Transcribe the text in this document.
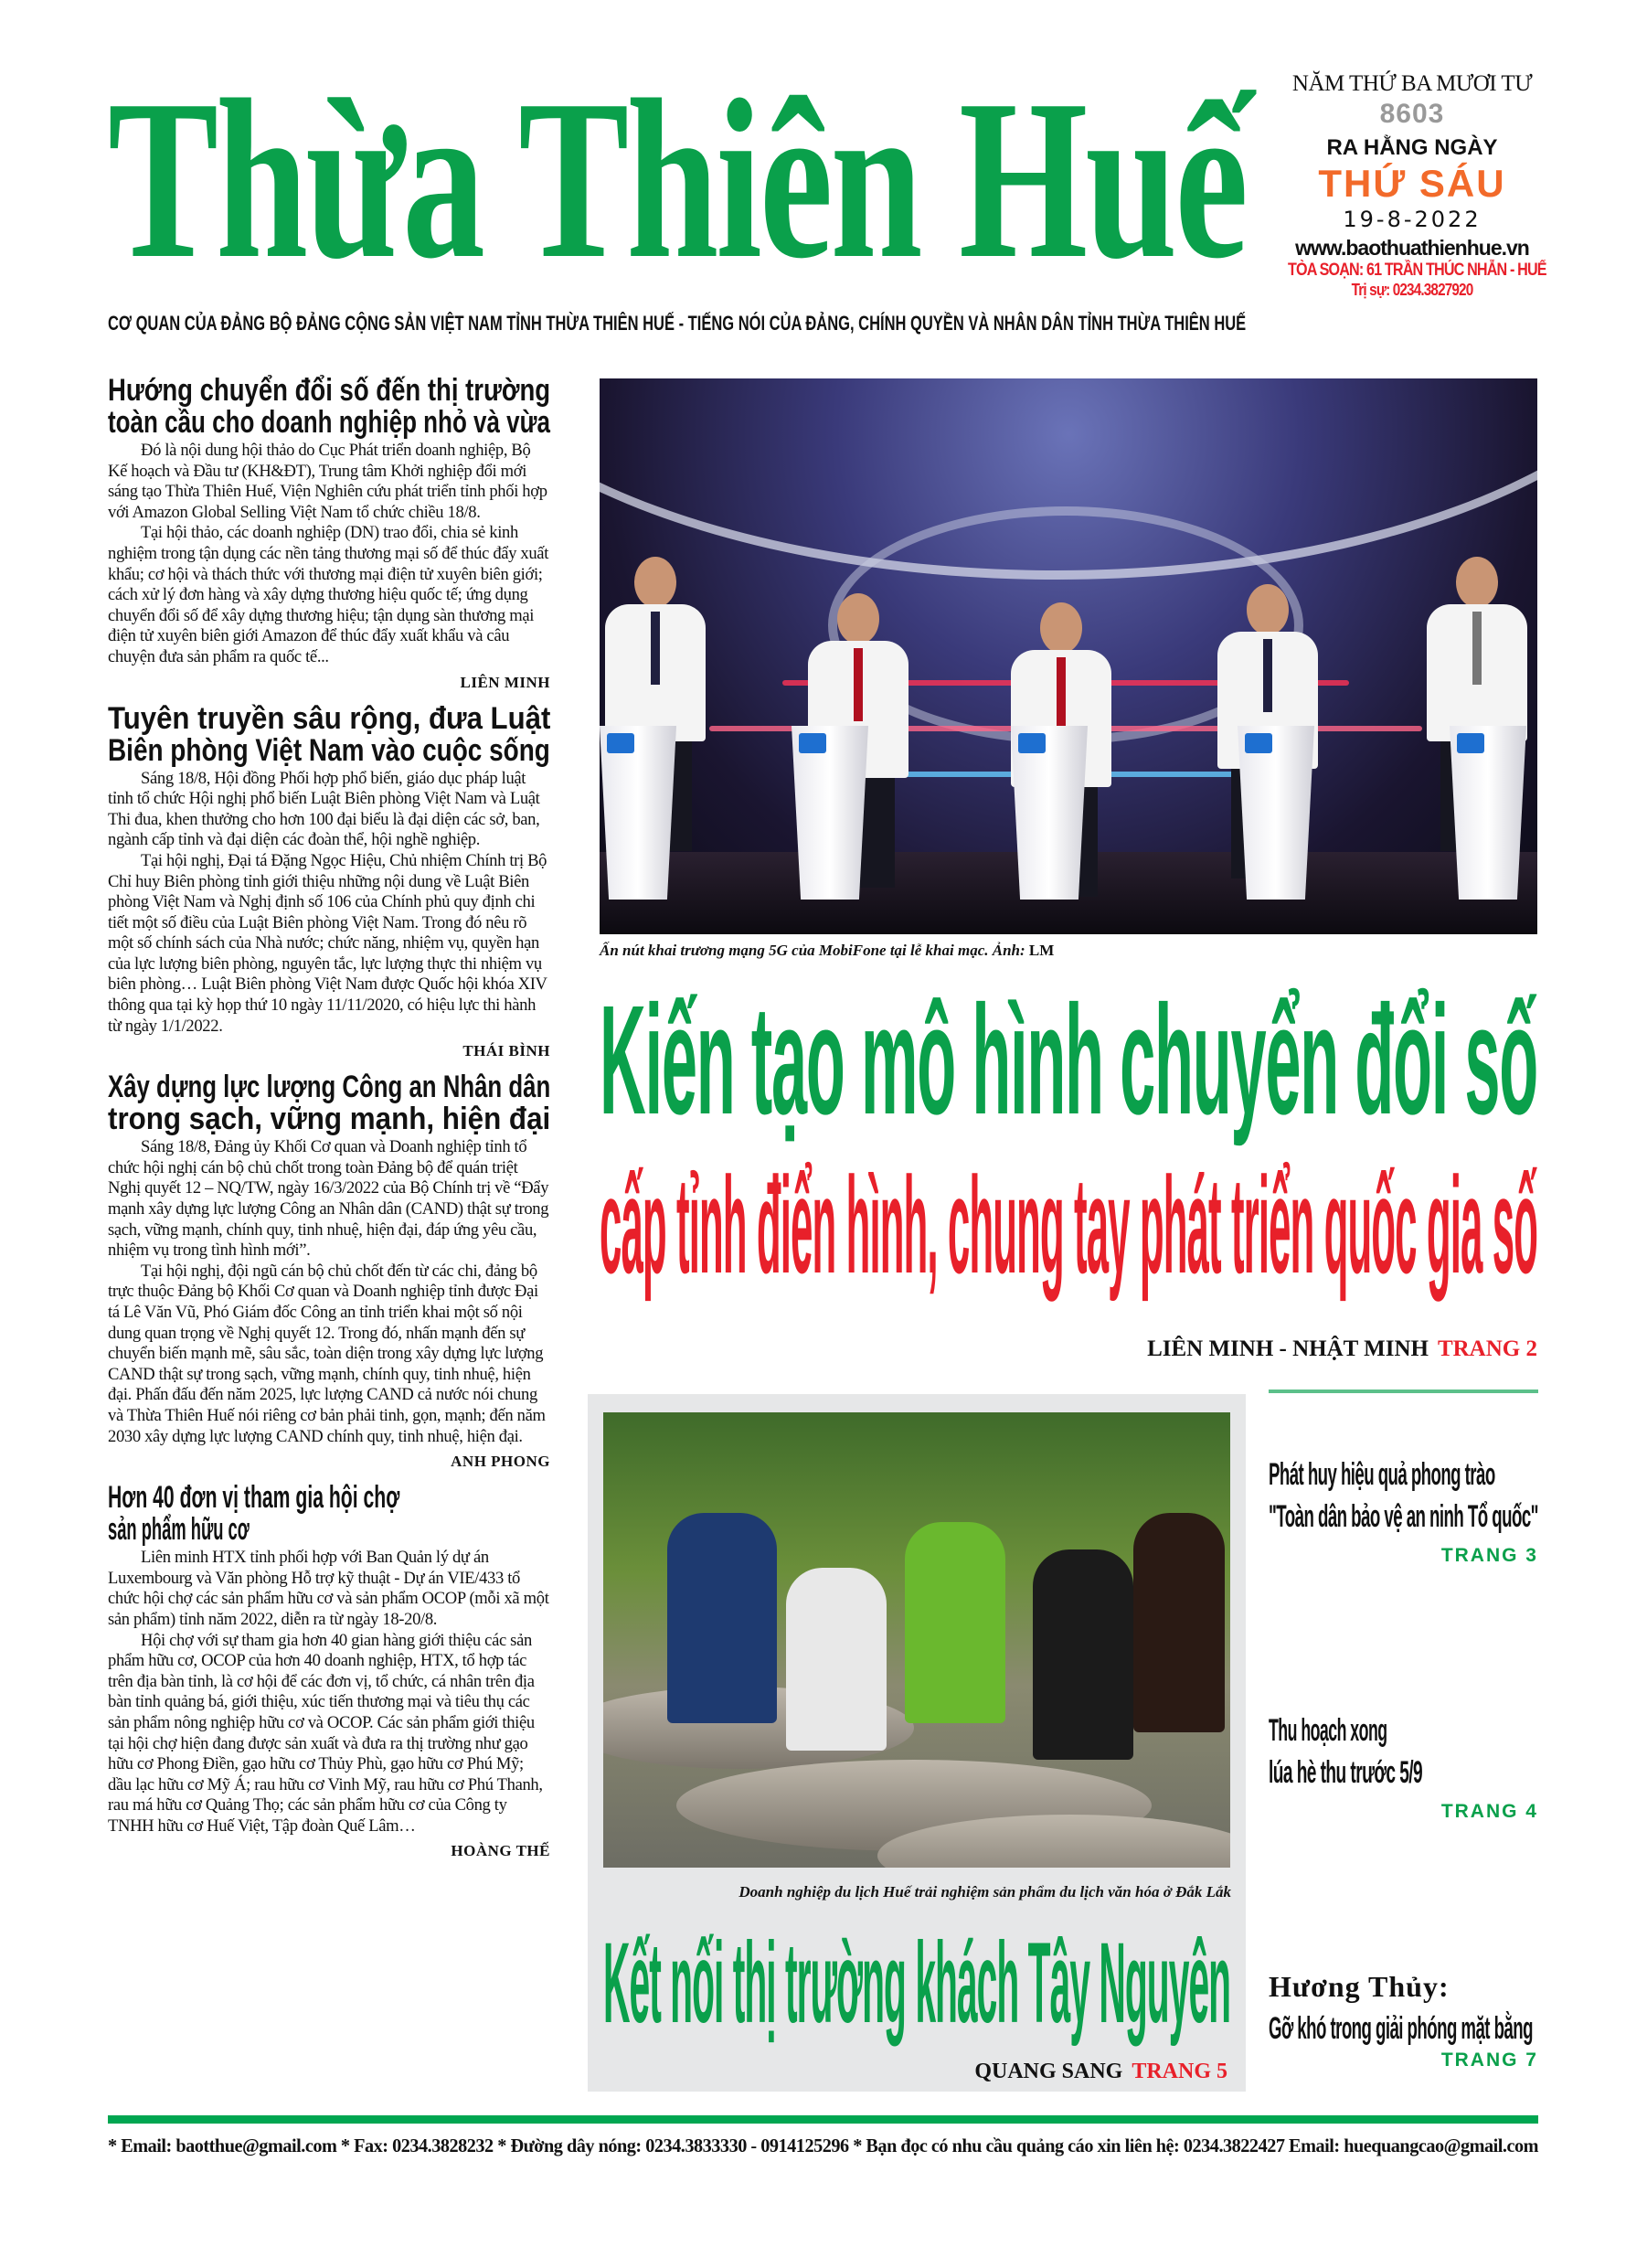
Thừa Thiên Huế
CƠ QUAN CỦA ĐẢNG BỘ ĐẢNG CỘNG SẢN VIỆT NAM TỈNH THỪA THIÊN HUẾ - TIẾNG NÓI CỦA ĐẢNG, CHÍNH QUYỀN VÀ NHÂN DÂN TỈNH THỪA THIÊN HUẾ
NĂM THỨ BA MƯƠI TƯ
8603
RA HẰNG NGÀY
THỨ SÁU
19-8-2022
www.baothuathienhue.vn
TÒA SOẠN: 61 TRẦN THÚC NHẪN - HUẾ
Trị sự: 0234.3827920
Hướng chuyển đổi số đến thị trường
toàn cầu cho doanh nghiệp nhỏ và vừa

Đó là nội dung hội thảo do Cục Phát triển doanh nghiệp, Bộ Kế hoạch và Đầu tư (KH&ĐT), Trung tâm Khởi nghiệp đổi mới sáng tạo Thừa Thiên Huế, Viện Nghiên cứu phát triển tỉnh phối hợp với Amazon Global Selling Việt Nam tổ chức chiều 18/8.

Tại hội thảo, các doanh nghiệp (DN) trao đổi, chia sẻ kinh nghiệm trong tận dụng các nền tảng thương mại số để thúc đẩy xuất khẩu; cơ hội và thách thức với thương mại điện tử xuyên biên giới; cách xử lý đơn hàng và xây dựng thương hiệu quốc tế; ứng dụng chuyển đổi số để xây dựng thương hiệu; tận dụng sàn thương mại điện tử xuyên biên giới Amazon để thúc đẩy xuất khẩu và câu chuyện đưa sản phẩm ra quốc tế...

LIÊN MINH
Tuyên truyền sâu rộng, đưa Luật
Biên phòng Việt Nam vào cuộc sống

Sáng 18/8, Hội đồng Phối hợp phổ biến, giáo dục pháp luật tỉnh tổ chức Hội nghị phổ biến Luật Biên phòng Việt Nam và Luật Thi đua, khen thưởng cho hơn 100 đại biểu là đại diện các sở, ban, ngành cấp tỉnh và đại diện các đoàn thể, hội nghề nghiệp.

Tại hội nghị, Đại tá Đặng Ngọc Hiệu, Chủ nhiệm Chính trị Bộ Chỉ huy Biên phòng tỉnh giới thiệu những nội dung về Luật Biên phòng Việt Nam và Nghị định số 106 của Chính phủ quy định chi tiết một số điều của Luật Biên phòng Việt Nam. Trong đó nêu rõ một số chính sách của Nhà nước; chức năng, nhiệm vụ, quyền hạn của lực lượng biên phòng, nguyên tắc, lực lượng thực thi nhiệm vụ biên phòng… Luật Biên phòng Việt Nam được Quốc hội khóa XIV thông qua tại kỳ họp thứ 10 ngày 11/11/2020, có hiệu lực thi hành từ ngày 1/1/2022.

THÁI BÌNH
Xây dựng lực lượng Công an Nhân dân
trong sạch, vững mạnh, hiện đại

Sáng 18/8, Đảng ủy Khối Cơ quan và Doanh nghiệp tỉnh tổ chức hội nghị cán bộ chủ chốt trong toàn Đảng bộ để quán triệt Nghị quyết 12 – NQ/TW, ngày 16/3/2022 của Bộ Chính trị về “Đẩy mạnh xây dựng lực lượng Công an Nhân dân (CAND) thật sự trong sạch, vững mạnh, chính quy, tinh nhuệ, hiện đại, đáp ứng yêu cầu, nhiệm vụ trong tình hình mới”.

Tại hội nghị, đội ngũ cán bộ chủ chốt đến từ các chi, đảng bộ trực thuộc Đảng bộ Khối Cơ quan và Doanh nghiệp tỉnh được Đại tá Lê Văn Vũ, Phó Giám đốc Công an tỉnh triển khai một số nội dung quan trọng về Nghị quyết 12. Trong đó, nhấn mạnh đến sự chuyển biến mạnh mẽ, sâu sắc, toàn diện trong xây dựng lực lượng CAND thật sự trong sạch, vững mạnh, chính quy, tinh nhuệ, hiện đại. Phấn đấu đến năm 2025, lực lượng CAND cả nước nói chung và Thừa Thiên Huế nói riêng cơ bản phải tinh, gọn, mạnh; đến năm 2030 xây dựng lực lượng CAND chính quy, tinh nhuệ, hiện đại.

ANH PHONG
Hơn 40 đơn vị tham gia hội chợ
sản phẩm hữu cơ

Liên minh HTX tỉnh phối hợp với Ban Quản lý dự án Luxembourg và Văn phòng Hỗ trợ kỹ thuật - Dự án VIE/433 tổ chức hội chợ các sản phẩm hữu cơ và sản phẩm OCOP (mỗi xã một sản phẩm) tỉnh năm 2022, diễn ra từ ngày 18-20/8.

Hội chợ với sự tham gia hơn 40 gian hàng giới thiệu các sản phẩm hữu cơ, OCOP của hơn 40 doanh nghiệp, HTX, tổ hợp tác trên địa bàn tỉnh, là cơ hội để các đơn vị, tổ chức, cá nhân trên địa bàn tỉnh quảng bá, giới thiệu, xúc tiến thương mại và tiêu thụ các sản phẩm nông nghiệp hữu cơ và OCOP. Các sản phẩm giới thiệu tại hội chợ hiện đang được sản xuất và đưa ra thị trường như gạo hữu cơ Phong Điền, gạo hữu cơ Thủy Phù, gạo hữu cơ Phú Mỹ; dầu lạc hữu cơ Mỹ Á; rau hữu cơ Vinh Mỹ, rau hữu cơ Phú Thanh, rau má hữu cơ Quảng Thọ; các sản phẩm hữu cơ của Công ty TNHH hữu cơ Huế Việt, Tập đoàn Quế Lâm…

HOÀNG THẾ
Ấn nút khai trương mạng 5G của MobiFone tại lễ khai mạc. Ảnh: LM
Kiến tạo mô hình chuyển đổi số
cấp tỉnh điển hình, chung tay phát triển quốc gia số
LIÊN MINH - NHẬT MINH TRANG 2
Doanh nghiệp du lịch Huế trải nghiệm sản phẩm du lịch văn hóa ở Đắk Lắk
Kết nối thị trường khách Tây Nguyên
QUANG SANG TRANG 5
Phát huy hiệu quả phong trào
"Toàn dân bảo vệ an ninh Tổ quốc"
TRANG 3
Thu hoạch xong
lúa hè thu trước 5/9
TRANG 4
Hương Thủy:
Gỡ khó trong giải phóng mặt bằng
TRANG 7
* Email: baotthue@gmail.com * Fax: 0234.3828232 * Đường dây nóng: 0234.3833330 - 0914125296 * Bạn đọc có nhu cầu quảng cáo xin liên hệ: 0234.3822427 Email: huequangcao@gmail.com
